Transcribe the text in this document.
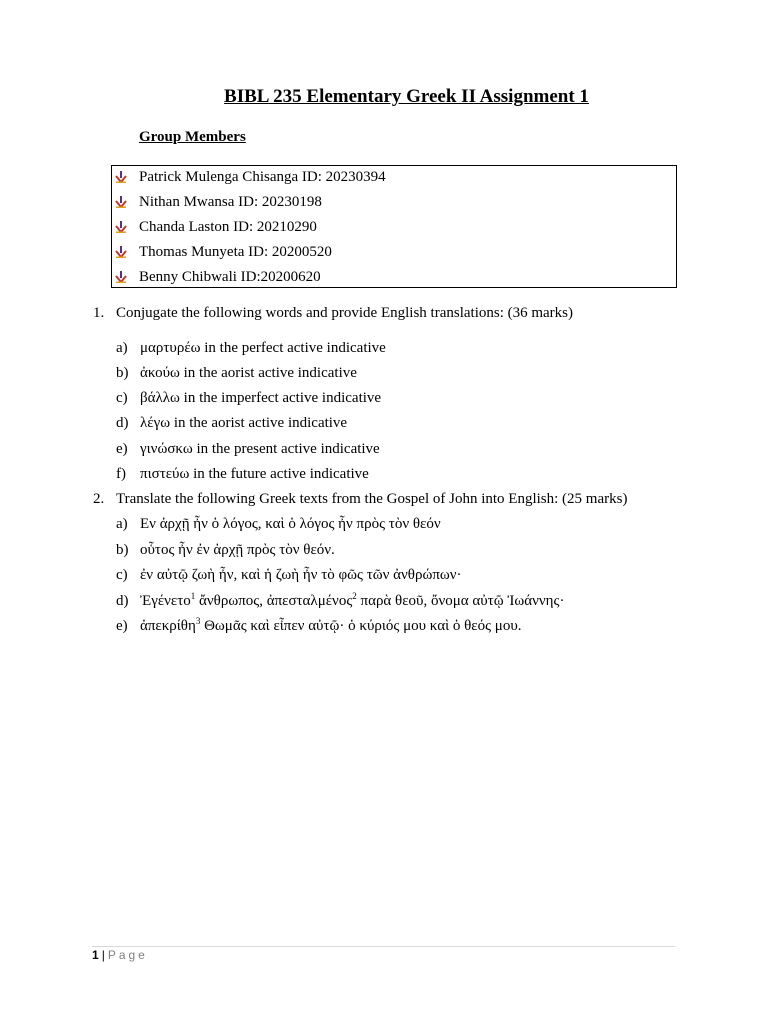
BIBL 235 Elementary Greek II Assignment 1
Group Members
Patrick Mulenga Chisanga ID: 20230394
Nithan Mwansa ID: 20230198
Chanda Laston ID: 20210290
Thomas Munyeta ID: 20200520
Benny Chibwali ID:20200620
1. Conjugate the following words and provide English translations: (36 marks)
a) μαρτυρέω in the perfect active indicative
b) ἀκούω in the aorist active indicative
c) βάλλω in the imperfect active indicative
d) λέγω in the aorist active indicative
e) γινώσκω in the present active indicative
f) πιστεύω in the future active indicative
2. Translate the following Greek texts from the Gospel of John into English: (25 marks)
a) Εν ἀρχῇ ἦν ὁ λόγος, καὶ ὁ λόγος ἦν πρὸς τὸν θεόν
b) οὗτος ἦν ἐν ἀρχῇ πρὸς τὸν θεόν.
c) ἐν αὐτῷ ζωὴ ἦν, καὶ ἡ ζωὴ ἦν τὸ φῶς τῶν ἀνθρώπων·
d) Ἐγένετο$^1$ ἄνθρωπος, ἀπεσταλμένος$^2$ παρὰ θεοῦ, ὄνομα αὐτῷ Ἰωάννης·
e) ἀπεκρίθη$^3$ Θωμᾶς καὶ εἶπεν αὐτῷ· ὁ κύριός μου καὶ ὁ θεός μου.
1 | Page
